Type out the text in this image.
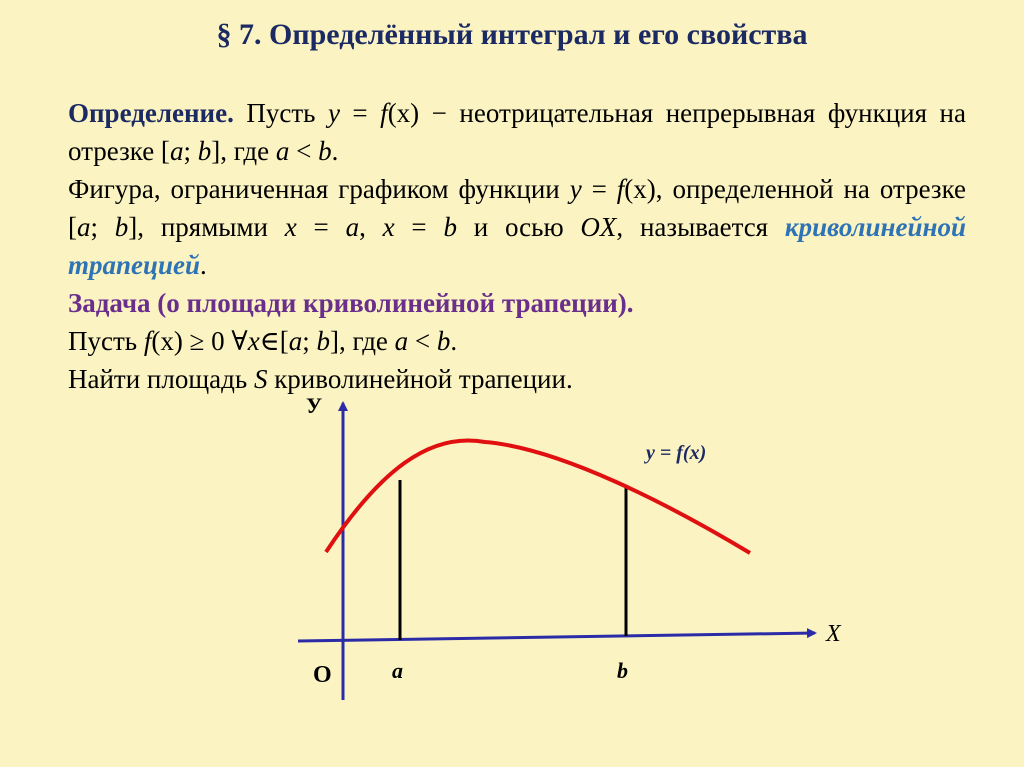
§ 7. Определённый интеграл и его свойства

Определение. Пусть y = f(x) − неотрицательная непрерывная функция на отрезке [a; b], где a < b.

Фигура, ограниченная графиком функции y = f(x), определенной на отрезке [a; b], прямыми x = a, x = b и осью OX, называется криволинейной трапецией.

Задача (о площади криволинейной трапеции).

Пусть f(x) ≥ 0 ∀x∈[a; b], где a < b.

Найти площадь S криволинейной трапеции.

У
X
O	a	b
y = f(x)
